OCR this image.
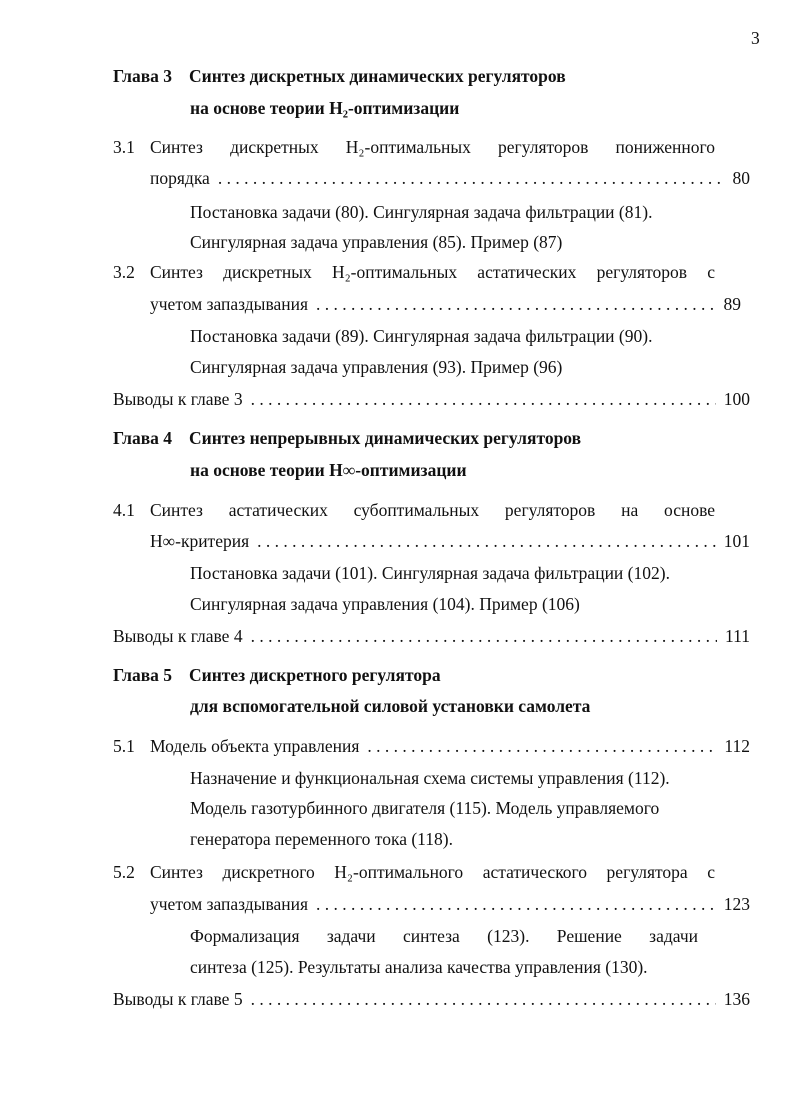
3
Глава 3 Синтез дискретных динамических регуляторов
на основе теории H₂-оптимизации
3.1 Синтез дискретных H₂-оптимальных регуляторов пониженного
порядка . . .	80
Постановка задачи (80). Сингулярная задача фильтрации (81).
Сингулярная задача управления (85). Пример (87)
3.2 Синтез дискретных H₂-оптимальных астатических регуляторов с
учетом запаздывания . . .	89
Постановка задачи (89). Сингулярная задача фильтрации (90).
Сингулярная задача управления (93). Пример (96)
Выводы к главе 3 . . .	100
Глава 4 Синтез непрерывных динамических регуляторов
на основе теории H∞-оптимизации
4.1 Синтез астатических субоптимальных регуляторов на основе
H∞-критерия . . .	101
Постановка задачи (101). Сингулярная задача фильтрации (102).
Сингулярная задача управления (104). Пример (106)
Выводы к главе 4 . . .	111
Глава 5 Синтез дискретного регулятора
для вспомогательной силовой установки самолета
5.1 Модель объекта управления . . .	112
Назначение и функциональная схема системы управления (112).
Модель газотурбинного двигателя (115). Модель управляемого
генератора переменного тока (118).
5.2 Синтез дискретного H₂-оптимального астатического регулятора с
учетом запаздывания . . .	123
Формализация задачи синтеза (123). Решение задачи
синтеза (125). Результаты анализа качества управления (130).
Выводы к главе 5 . . .	136
